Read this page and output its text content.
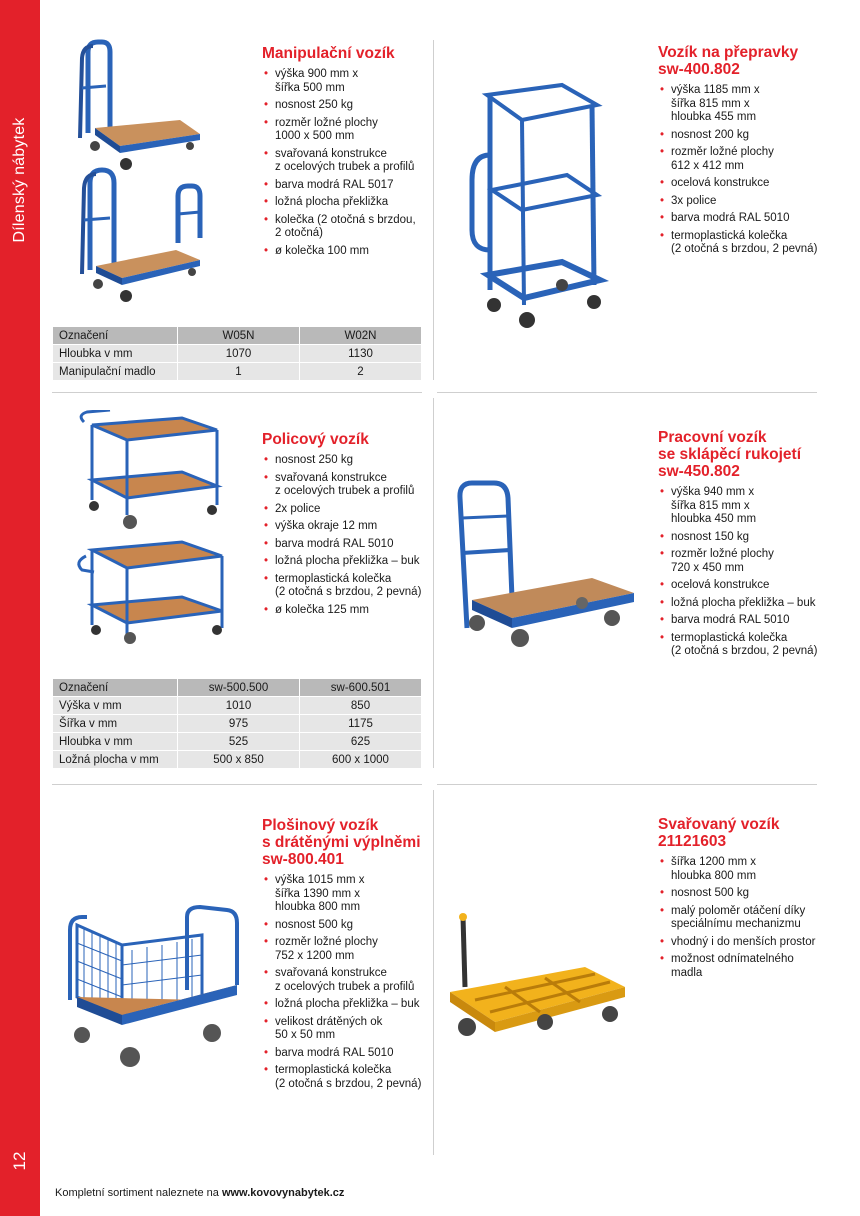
Dílenský nábytek
12
Manipulační vozík
• výška 900 mm x
šířka 500 mm
• nosnost 250 kg
• rozměr ložné plochy
1000 x 500 mm
• svařovaná konstrukce
z ocelových trubek a profilů
• barva modrá RAL 5017
• ložná plocha překližka
• kolečka (2 otočná s brzdou,
2 otočná)
• ø kolečka 100 mm
Vozík na přepravky
sw-400.802
• výška 1185 mm x
šířka 815 mm x
hloubka 455 mm
• nosnost 200 kg
• rozměr ložné plochy
612 x 412 mm
• ocelová konstrukce
• 3x police
• barva modrá RAL 5010
• termoplastická kolečka
(2 otočná s brzdou, 2 pevná)
Policový vozík
• nosnost 250 kg
• svařovaná konstrukce
z ocelových trubek a profilů
• 2x police
• výška okraje 12 mm
• barva modrá RAL 5010
• ložná plocha překližka – buk
• termoplastická kolečka
(2 otočná s brzdou, 2 pevná)
• ø kolečka 125 mm
Pracovní vozík
se sklápěcí rukojetí
sw-450.802
• výška 940 mm x
šířka 815 mm x
hloubka 450 mm
• nosnost 150 kg
• rozměr ložné plochy
720 x 450 mm
• ocelová konstrukce
• ložná plocha překližka – buk
• barva modrá RAL 5010
• termoplastická kolečka
(2 otočná s brzdou, 2 pevná)
Plošinový vozík
s drátěnými výplněmi
sw-800.401
• výška 1015 mm x
šířka 1390 mm x
hloubka 800 mm
• nosnost 500 kg
• rozměr ložné plochy
752 x 1200 mm
• svařovaná konstrukce
z ocelových trubek a profilů
• ložná plocha překližka – buk
• velikost drátěných ok
50 x 50 mm
• barva modrá RAL 5010
• termoplastická kolečka
(2 otočná s brzdou, 2 pevná)
Svařovaný vozík
21121603
• šířka 1200 mm x
hloubka 800 mm
• nosnost 500 kg
• malý poloměr otáčení díky
speciálnímu mechanizmu
• vhodný i do menších prostor
• možnost odnímatelného
madla
Označení	W05N	W02N
Hloubka v mm	1070	1130
Manipulační madlo	1	2
Označení	sw-500.500	sw-600.501
Výška v mm	1010	850
Šířka v mm	975	1175
Hloubka v mm	525	625
Ložná plocha v mm	500 x 850	600 x 1000
Kompletní sortiment naleznete na www.kovovynabytek.cz
